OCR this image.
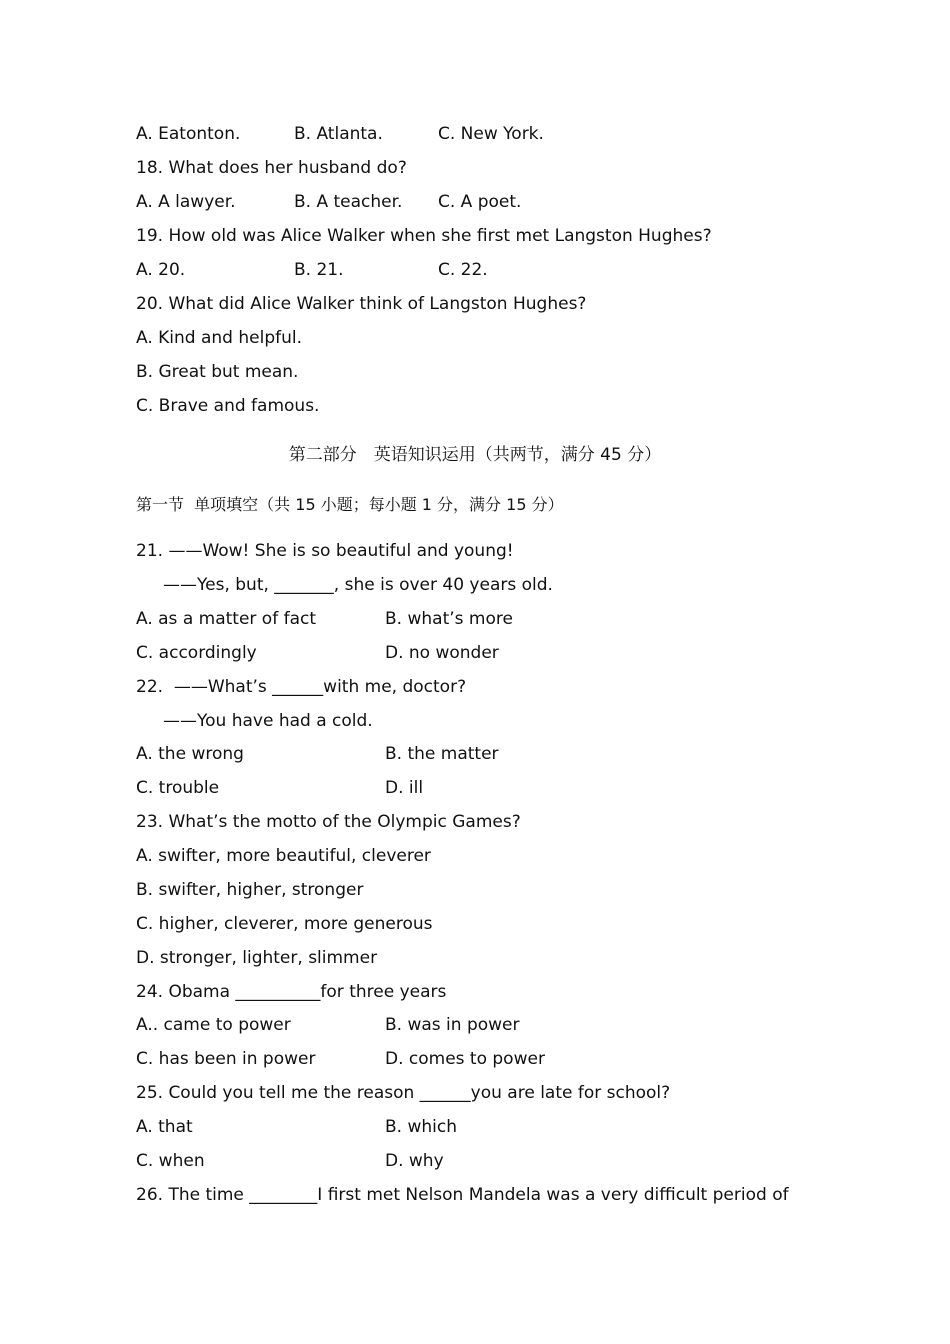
A. Eatonton.	B. Atlanta.	C. New York.
18. What does her husband do?
A. A lawyer.	B. A teacher. C. A poet.
19. How old was Alice Walker when she first met Langston Hughes?
A. 20.	B. 21.	C. 22.
20. What did Alice Walker think of Langston Hughes?
A. Kind and helpful.
B. Great but mean.
C. Brave and famous.
第二部分　英语知识运用（共两节，满分 45 分）
第一节  单项填空（共 15 小题；每小题 1 分，满分 15 分）
21. ——Wow! She is so beautiful and young!
——Yes, but, _______, she is over 40 years old.
A. as a matter of fact	B. what’s more
C. accordingly	D. no wonder
22.  ——What’s ______with me, doctor?
——You have had a cold.
A. the wrong	B. the matter
C. trouble	D. ill
23. What’s the motto of the Olympic Games?
A. swifter, more beautiful, cleverer
B. swifter, higher, stronger
C. higher, cleverer, more generous
D. stronger, lighter, slimmer
24. Obama __________for three years
A.. came to power	B. was in power
C. has been in power	D. comes to power
25. Could you tell me the reason ______you are late for school?
A. that	B. which
C. when	D. why
26. The time ________I first met Nelson Mandela was a very difficult period of
